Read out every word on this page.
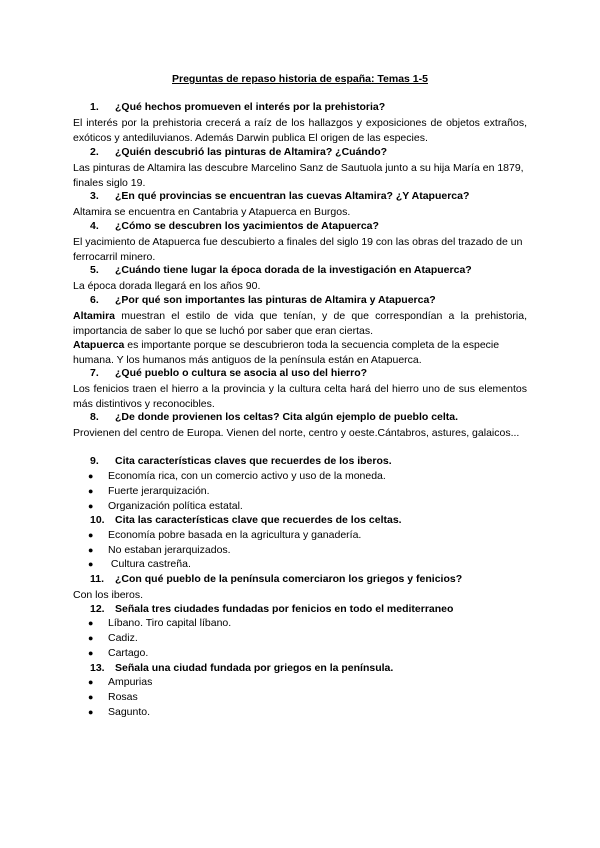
Preguntas de repaso historia de españa: Temas 1-5
1. ¿Qué hechos promueven el interés por la prehistoria?
El interés por la prehistoria crecerá a raíz de los hallazgos y exposiciones de objetos extraños, exóticos y antediluvianos. Además Darwin publica El origen de las especies.
2. ¿Quién descubrió las pinturas de Altamira? ¿Cuándo?
Las pinturas de Altamira las descubre Marcelino Sanz de Sautuola junto a su hija María en 1879, finales siglo 19.
3. ¿En qué provincias se encuentran las cuevas Altamira? ¿Y Atapuerca?
Altamira se encuentra en Cantabria y Atapuerca en Burgos.
4. ¿Cómo se descubren los yacimientos de Atapuerca?
El yacimiento de Atapuerca fue descubierto a finales del siglo 19 con las obras del trazado de un ferrocarril minero.
5. ¿Cuándo tiene lugar la época dorada de la investigación en Atapuerca?
La época dorada llegará en los años 90.
6. ¿Por qué son importantes las pinturas de Altamira y Atapuerca?
Altamira muestran el estilo de vida que tenían, y de que correspondían a la prehistoria, importancia de saber lo que se luchó por saber que eran ciertas.
Atapuerca es importante porque se descubrieron toda la secuencia completa de la especie humana. Y los humanos más antiguos de la península están en Atapuerca.
7. ¿Qué pueblo o cultura se asocia al uso del hierro?
Los fenicios traen el hierro a la provincia y la cultura celta hará del hierro uno de sus elementos más distintivos y reconocibles.
8. ¿De donde provienen los celtas? Cita algún ejemplo de pueblo celta.
Provienen del centro de Europa. Vienen del norte, centro y oeste.Cántabros, astures, galaicos...
9. Cita características claves que recuerdes de los iberos.
● Economía rica, con un comercio activo y uso de la moneda.
● Fuerte jerarquización.
● Organización política estatal.
10. Cita las características clave que recuerdes de los celtas.
● Economía pobre basada en la agricultura y ganadería.
● No estaban jerarquizados.
● Cultura castreña.
11. ¿Con qué pueblo de la península comerciaron los griegos y fenicios?
Con los iberos.
12. Señala tres ciudades fundadas por fenicios en todo el mediterraneo
● Líbano. Tiro capital líbano.
● Cadiz.
● Cartago.
13. Señala una ciudad fundada por griegos en la península.
● Ampurias
● Rosas
● Sagunto.
